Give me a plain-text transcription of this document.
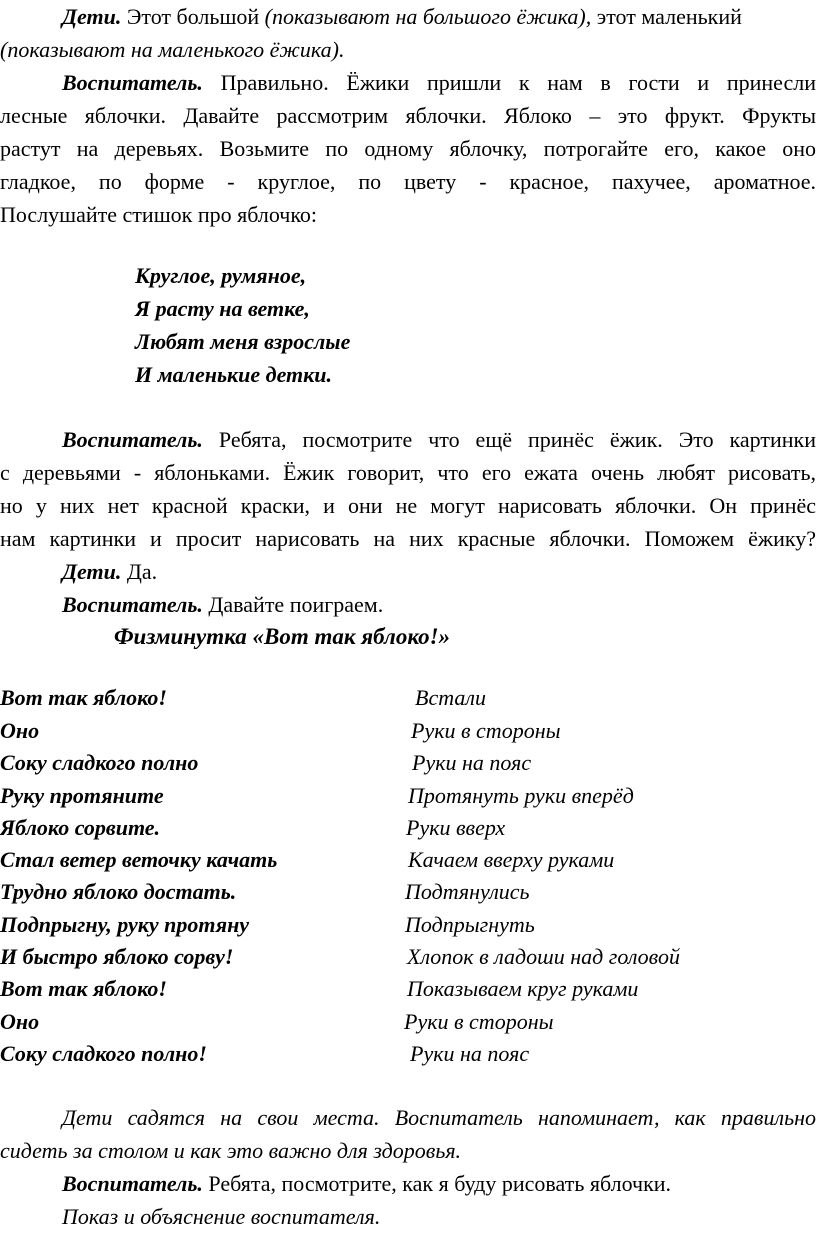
Дети. Этот большой (показывают на большого ёжика), этот маленький
(показывают на маленького ёжика).
Воспитатель. Правильно. Ёжики пришли к нам в гости и принесли
лесные яблочки. Давайте рассмотрим яблочки. Яблоко – это фрукт. Фрукты
растут на деревьях. Возьмите по одному яблочку, потрогайте его, какое оно
гладкое, по форме - круглое, по цвету - красное, пахучее, ароматное.
Послушайте стишок про яблочко:
Круглое, румяное,
Я расту на ветке,
Любят меня взрослые
И маленькие детки.
Воспитатель. Ребята, посмотрите что ещё принёс ёжик. Это картинки
с деревьями - яблоньками. Ёжик говорит, что его ежата очень любят рисовать,
но у них нет красной краски, и они не могут нарисовать яблочки. Он принёс
нам картинки и просит нарисовать на них красные яблочки. Поможем ёжику?
Дети. Да.
Воспитатель. Давайте поиграем.
Физминутка «Вот так яблоко!»
Вот так яблоко!	Встали
Оно	Руки в стороны
Соку сладкого полно	Руки на пояс
Руку протяните	Протянуть руки вперёд
Яблоко сорвите.	Руки вверх
Стал ветер веточку качать	Качаем вверху руками
Трудно яблоко достать.	Подтянулись
Подпрыгну, руку протяну	Подпрыгнуть
И быстро яблоко сорву!	Хлопок в ладоши над головой
Вот так яблоко!	Показываем круг руками
Оно	Руки в стороны
Соку сладкого полно!	Руки на пояс
Дети садятся на свои места. Воспитатель напоминает, как правильно
сидеть за столом и как это важно для здоровья.
Воспитатель. Ребята, посмотрите, как я буду рисовать яблочки.
Показ и объяснение воспитателя.
